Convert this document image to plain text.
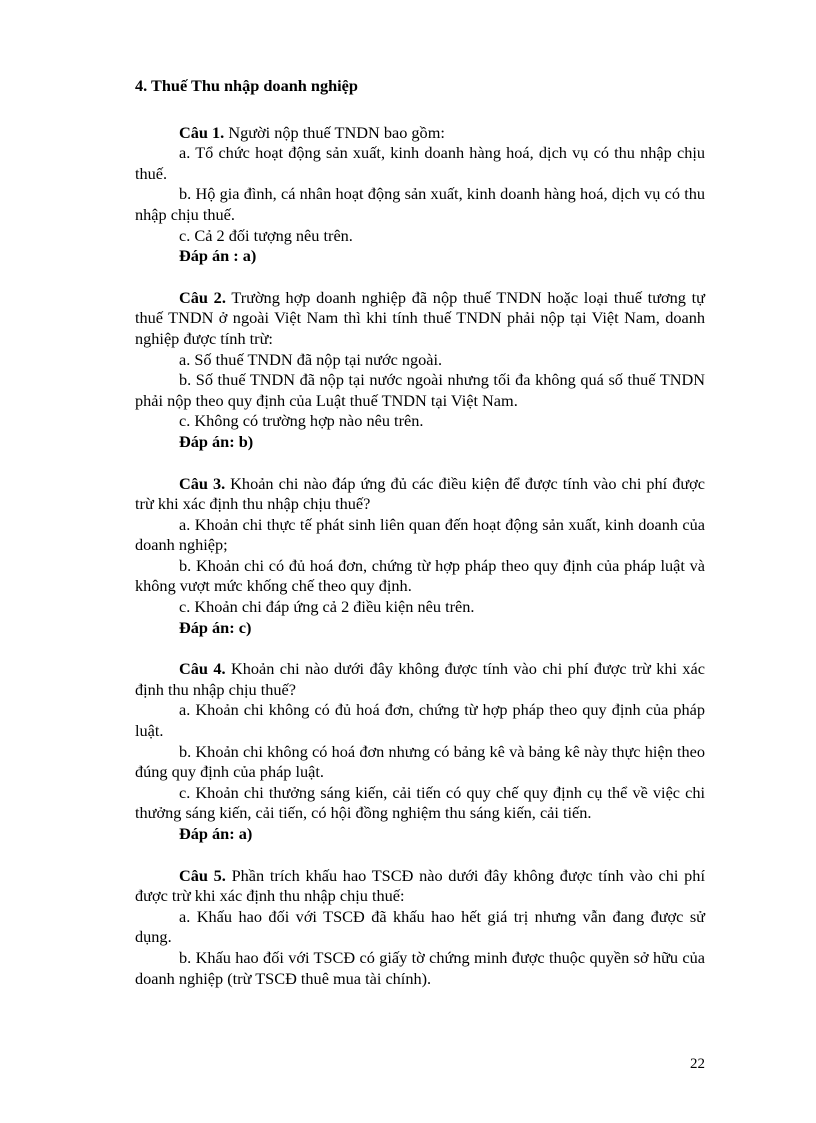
4. Thuế Thu nhập doanh nghiệp

Câu 1. Người nộp thuế TNDN bao gồm:

a. Tổ chức hoạt động sản xuất, kinh doanh hàng hoá, dịch vụ có thu nhập chịu thuế.

b. Hộ gia đình, cá nhân hoạt động sản xuất, kinh doanh hàng hoá, dịch vụ có thu nhập chịu thuế.

c. Cả 2 đối tượng nêu trên.

Đáp án : a)

Câu 2. Trường hợp doanh nghiệp đã nộp thuế TNDN hoặc loại thuế tương tự thuế TNDN ở ngoài Việt Nam thì khi tính thuế TNDN phải nộp tại Việt Nam, doanh nghiệp được tính trừ:

a. Số thuế TNDN đã nộp tại nước ngoài.

b. Số thuế TNDN đã nộp tại nước ngoài nhưng tối đa không quá số thuế TNDN phải nộp theo quy định của Luật thuế TNDN tại Việt Nam.

c. Không có trường hợp nào nêu trên.

Đáp án: b)

Câu 3. Khoản chi nào đáp ứng đủ các điều kiện để được tính vào chi phí được trừ khi xác định thu nhập chịu thuế?

a. Khoản chi thực tế phát sinh liên quan đến hoạt động sản xuất, kinh doanh của doanh nghiệp;

b. Khoản chi có đủ hoá đơn, chứng từ hợp pháp theo quy định của pháp luật và không vượt mức khống chế theo quy định.

c. Khoản chi đáp ứng cả 2 điều kiện nêu trên.

Đáp án: c)

Câu 4. Khoản chi nào dưới đây không được tính vào chi phí được trừ khi xác định thu nhập chịu thuế?

a. Khoản chi không có đủ hoá đơn, chứng từ hợp pháp theo quy định của pháp luật.

b. Khoản chi không có hoá đơn nhưng có bảng kê và bảng kê này thực hiện theo đúng quy định của pháp luật.

c. Khoản chi thưởng sáng kiến, cải tiến có quy chế quy định cụ thể về việc chi thưởng sáng kiến, cải tiến, có hội đồng nghiệm thu sáng kiến, cải tiến.

Đáp án: a)

Câu 5. Phần trích khấu hao TSCĐ nào dưới đây không được tính vào chi phí được trừ khi xác định thu nhập chịu thuế:

a. Khấu hao đối với TSCĐ đã khấu hao hết giá trị nhưng vẫn đang được sử dụng.

b. Khấu hao đối với TSCĐ có giấy tờ chứng minh được thuộc quyền sở hữu của doanh nghiệp (trừ TSCĐ thuê mua tài chính).

22
